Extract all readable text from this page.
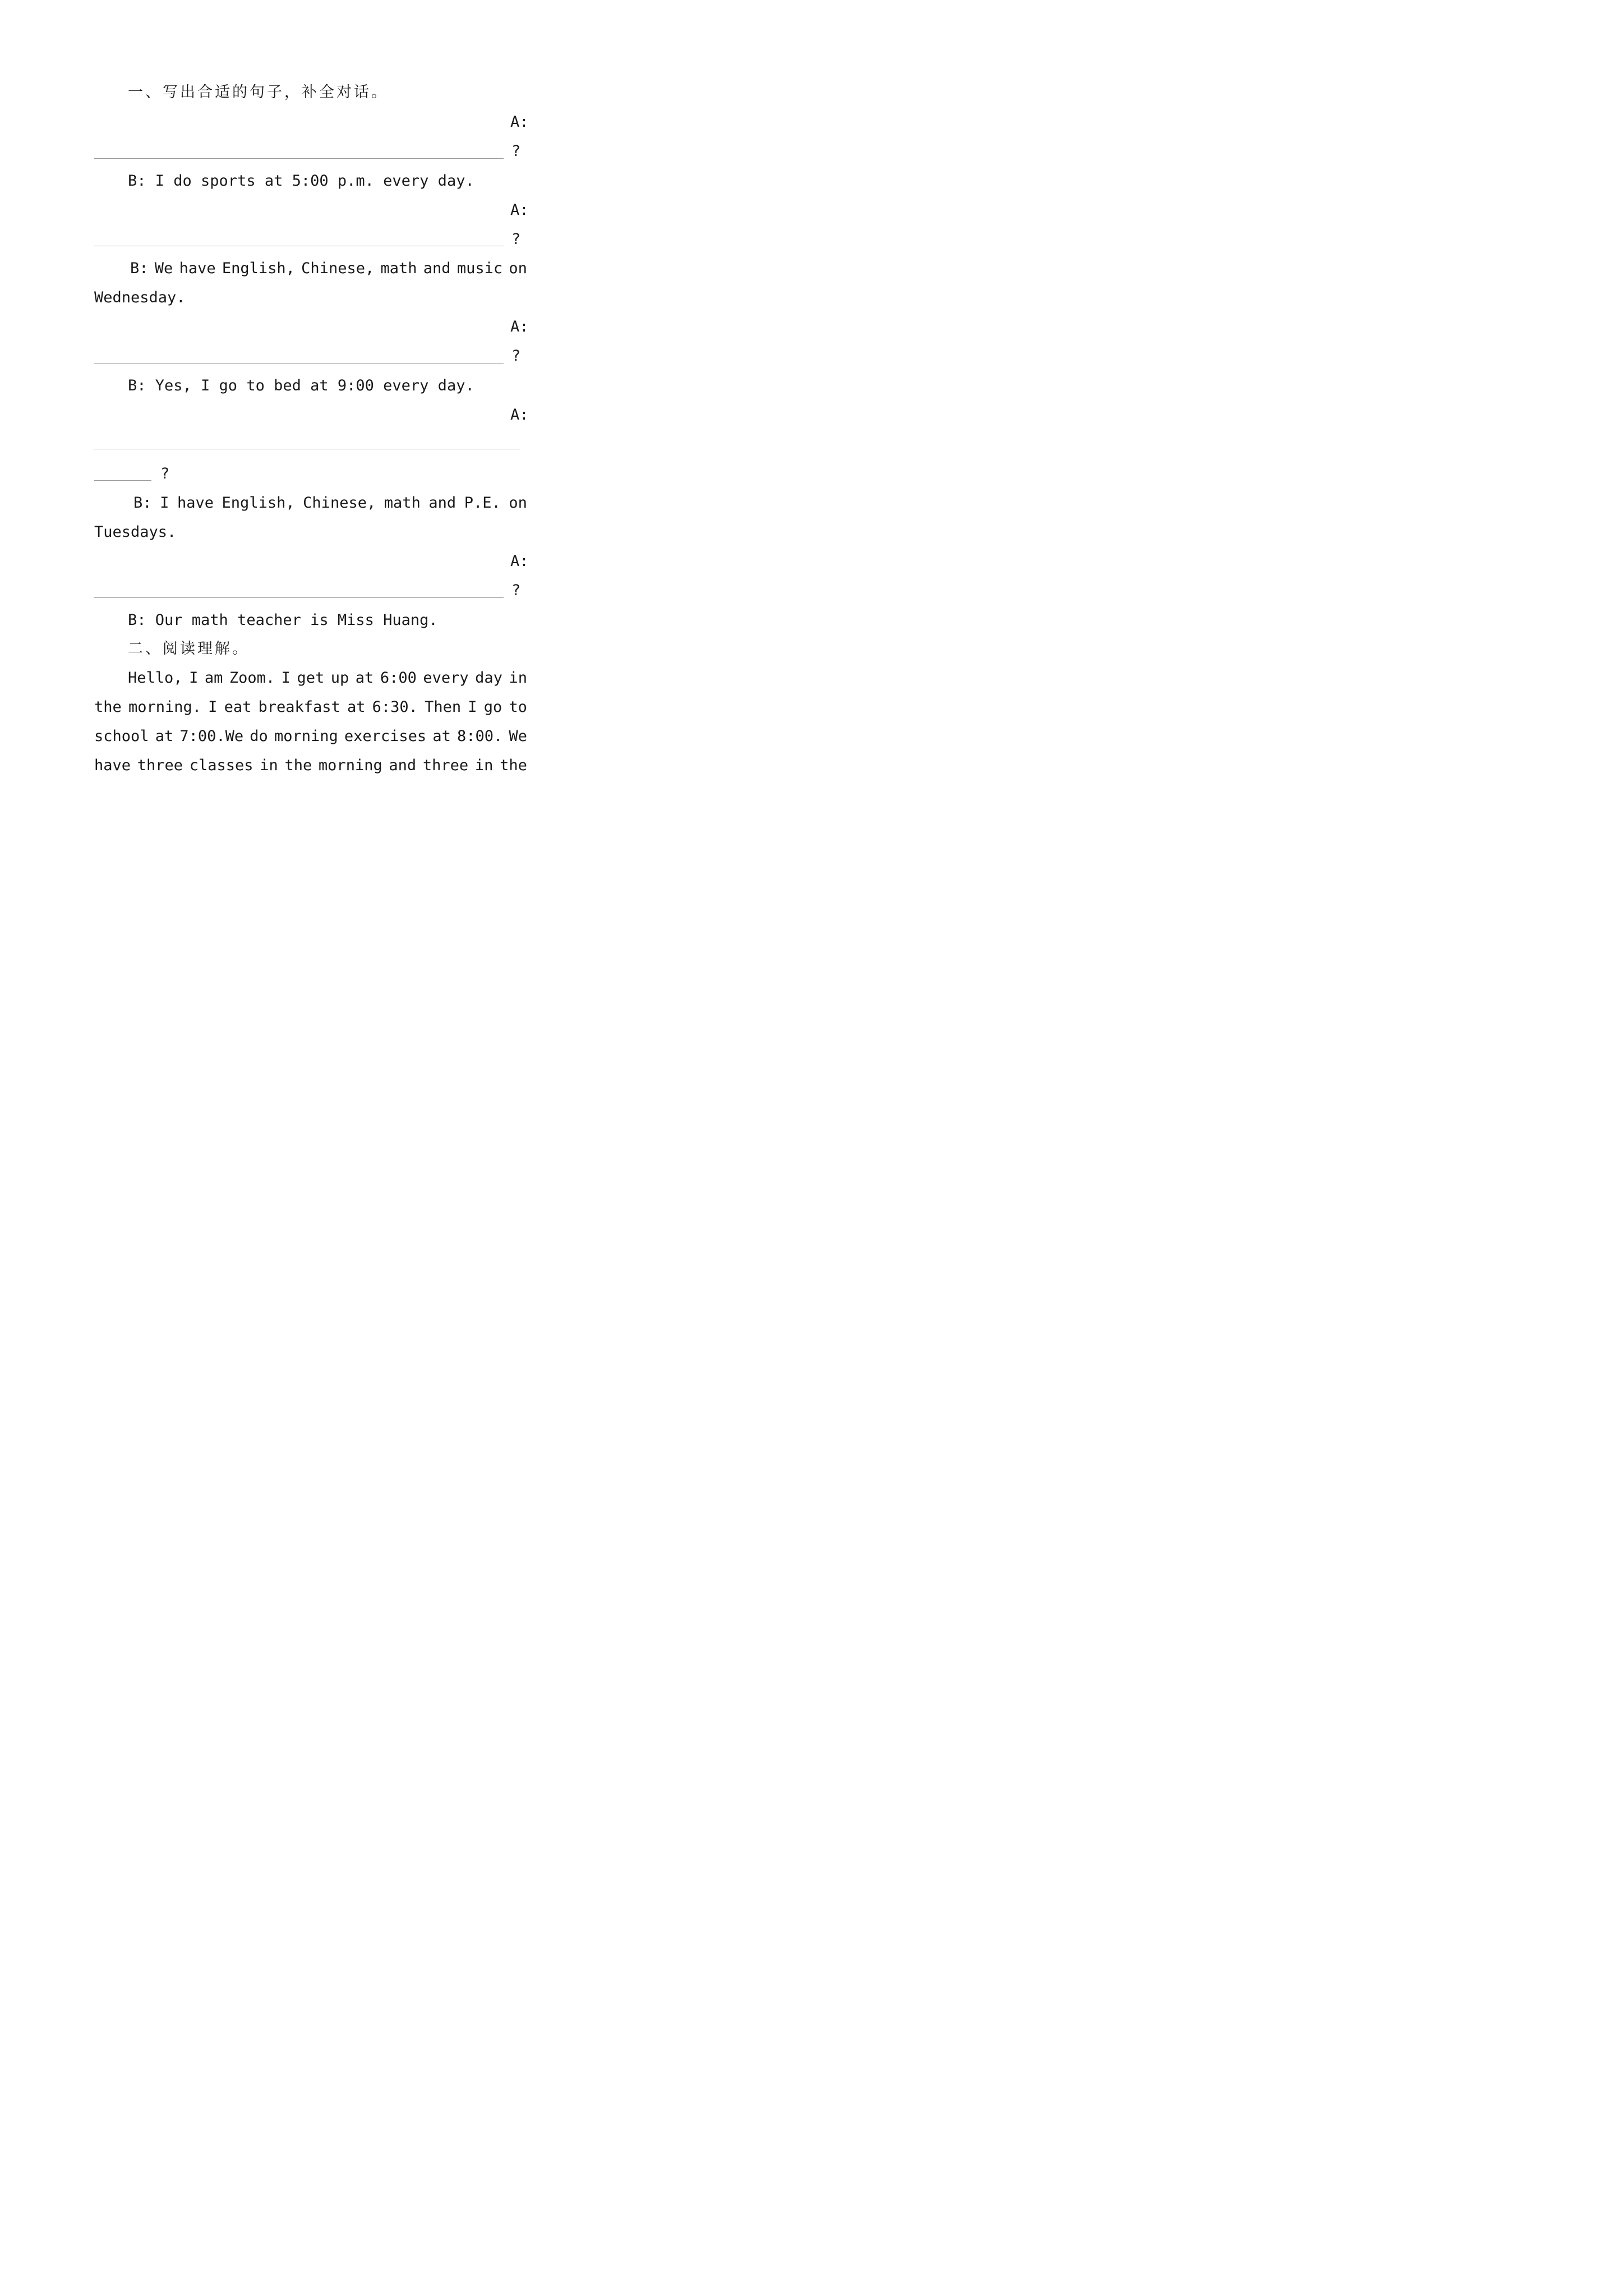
一、写出合适的句子，补全对话。
A:
?
B: I do sports at 5:00 p.m. every day.
A:
?
B: We have English, Chinese, math and music on
Wednesday.
A:
?
B: Yes, I go to bed at 9:00 every day.
A:
?
B: I have English, Chinese, math and P.E. on
Tuesdays.
A:
?
B: Our math teacher is Miss Huang.
二、阅读理解。
Hello, I am Zoom. I get up at 6:00 every day in
the morning. I eat breakfast at 6:30. Then I go to
school at 7:00.We do morning exercises at 8:00. We
have three classes in the morning and three in the
